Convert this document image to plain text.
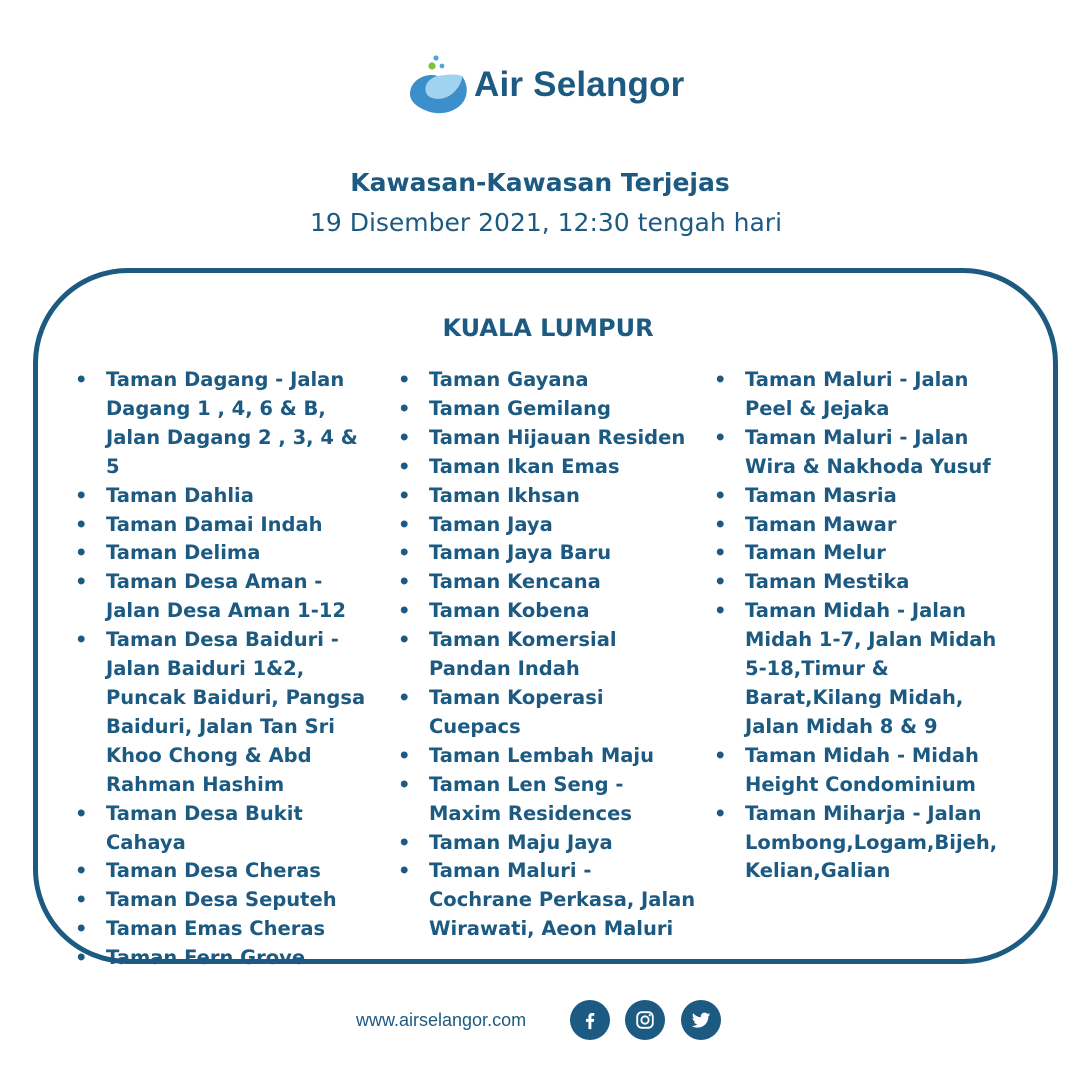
Air Selangor
Kawasan-Kawasan Terjejas
19 Disember 2021, 12:30 tengah hari
KUALA LUMPUR
• Taman Dagang - Jalan Dagang 1 , 4, 6 & B, Jalan Dagang 2 , 3, 4 & 5
• Taman Dahlia
• Taman Damai Indah
• Taman Delima
• Taman Desa Aman - Jalan Desa Aman 1-12
• Taman Desa Baiduri - Jalan Baiduri 1&2, Puncak Baiduri, Pangsa Baiduri, Jalan Tan Sri Khoo Chong & Abd Rahman Hashim
• Taman Desa Bukit Cahaya
• Taman Desa Cheras
• Taman Desa Seputeh
• Taman Emas Cheras
• Taman Fern Grove
• Taman Gayana
• Taman Gemilang
• Taman Hijauan Residen
• Taman Ikan Emas
• Taman Ikhsan
• Taman Jaya
• Taman Jaya Baru
• Taman Kencana
• Taman Kobena
• Taman Komersial Pandan Indah
• Taman Koperasi Cuepacs
• Taman Lembah Maju
• Taman Len Seng - Maxim Residences
• Taman Maju Jaya
• Taman Maluri - Cochrane Perkasa, Jalan Wirawati, Aeon Maluri
• Taman Maluri - Jalan Peel & Jejaka
• Taman Maluri - Jalan Wira & Nakhoda Yusuf
• Taman Masria
• Taman Mawar
• Taman Melur
• Taman Mestika
• Taman Midah - Jalan Midah 1-7, Jalan Midah 5-18,Timur & Barat,Kilang Midah, Jalan Midah 8 & 9
• Taman Midah - Midah Height Condominium
• Taman Miharja - Jalan Lombong,Logam,Bijeh, Kelian,Galian
www.airselangor.com
